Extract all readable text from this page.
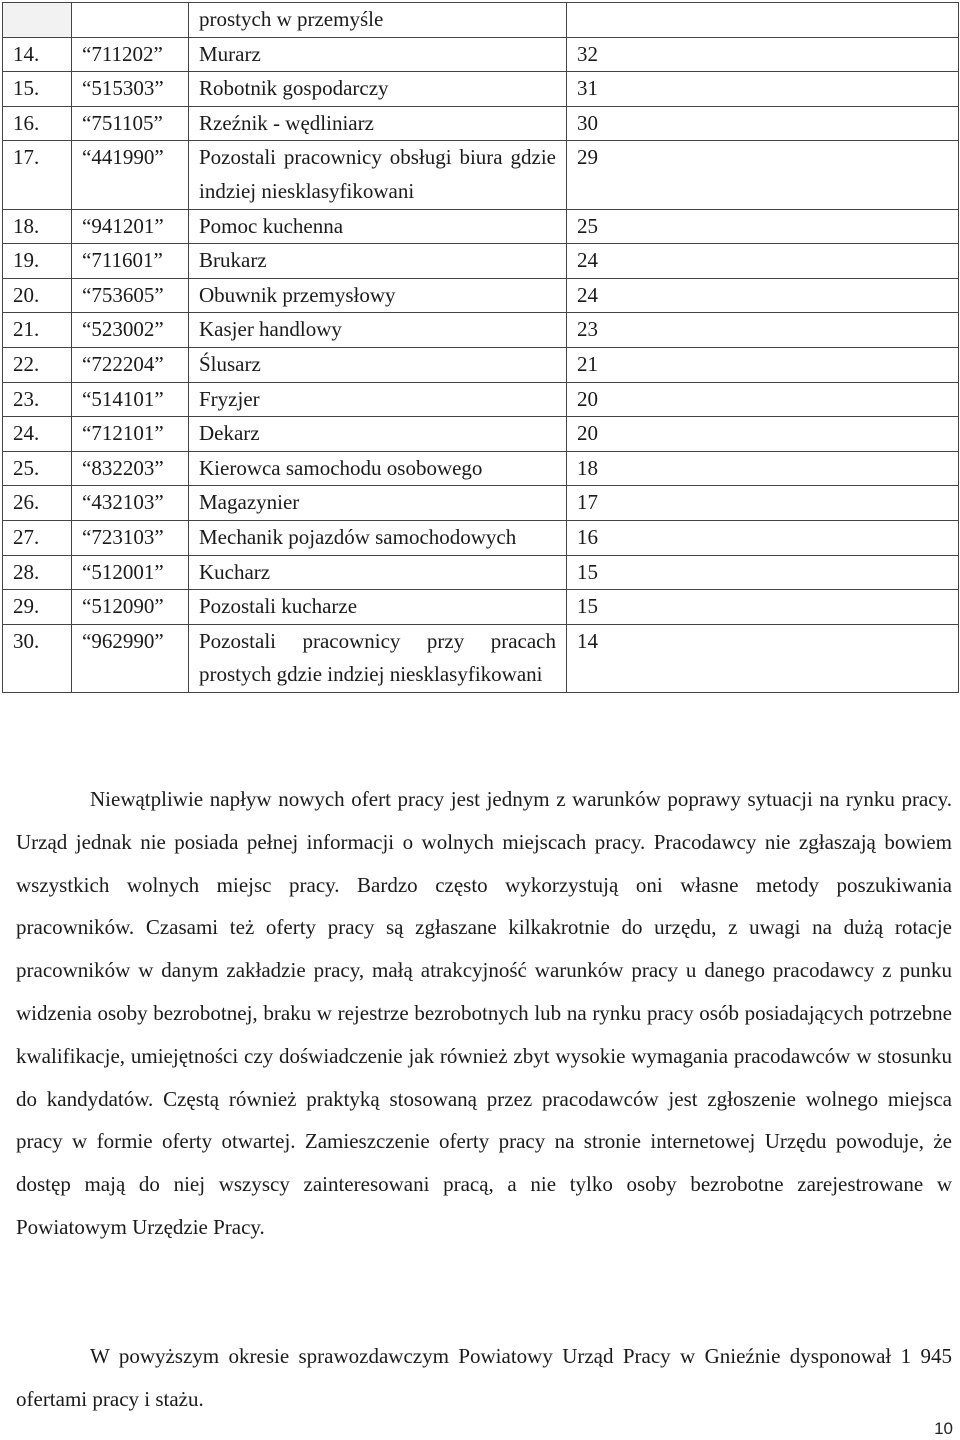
		prostych w przemyśle	
14.	“711202”	Murarz	32
15.	“515303”	Robotnik gospodarczy	31
16.	“751105”	Rzeźnik - wędliniarz	30
17.	“441990”	Pozostali pracownicy obsługi biura gdzie indziej niesklasyfikowani	29
18.	“941201”	Pomoc kuchenna	25
19.	“711601”	Brukarz	24
20.	“753605”	Obuwnik przemysłowy	24
21.	“523002”	Kasjer handlowy	23
22.	“722204”	Ślusarz	21
23.	“514101”	Fryzjer	20
24.	“712101”	Dekarz	20
25.	“832203”	Kierowca samochodu osobowego	18
26.	“432103”	Magazynier	17
27.	“723103”	Mechanik pojazdów samochodowych	16
28.	“512001”	Kucharz	15
29.	“512090”	Pozostali kucharze	15
30.	“962990”	Pozostali pracownicy przy pracach prostych gdzie indziej niesklasyfikowani	14

Niewątpliwie napływ nowych ofert pracy jest jednym z warunków poprawy sytuacji na rynku pracy. Urząd jednak nie posiada pełnej informacji o wolnych miejscach pracy. Pracodawcy nie zgłaszają bowiem wszystkich wolnych miejsc pracy. Bardzo często wykorzystują oni własne metody poszukiwania pracowników. Czasami też oferty pracy są zgłaszane kilkakrotnie do urzędu, z uwagi na dużą rotacje pracowników w danym zakładzie pracy, małą atrakcyjność warunków pracy u danego pracodawcy z punku widzenia osoby bezrobotnej, braku w rejestrze bezrobotnych lub na rynku pracy osób posiadających potrzebne kwalifikacje, umiejętności czy doświadczenie jak również zbyt wysokie wymagania pracodawców w stosunku do kandydatów. Częstą również praktyką stosowaną przez pracodawców jest zgłoszenie wolnego miejsca pracy w formie oferty otwartej. Zamieszczenie oferty pracy na stronie internetowej Urzędu powoduje, że dostęp mają do niej wszyscy zainteresowani pracą, a nie tylko osoby bezrobotne zarejestrowane w Powiatowym Urzędzie Pracy.

W powyższym okresie sprawozdawczym Powiatowy Urząd Pracy w Gnieźnie dysponował 1 945 ofertami pracy i stażu.

10
